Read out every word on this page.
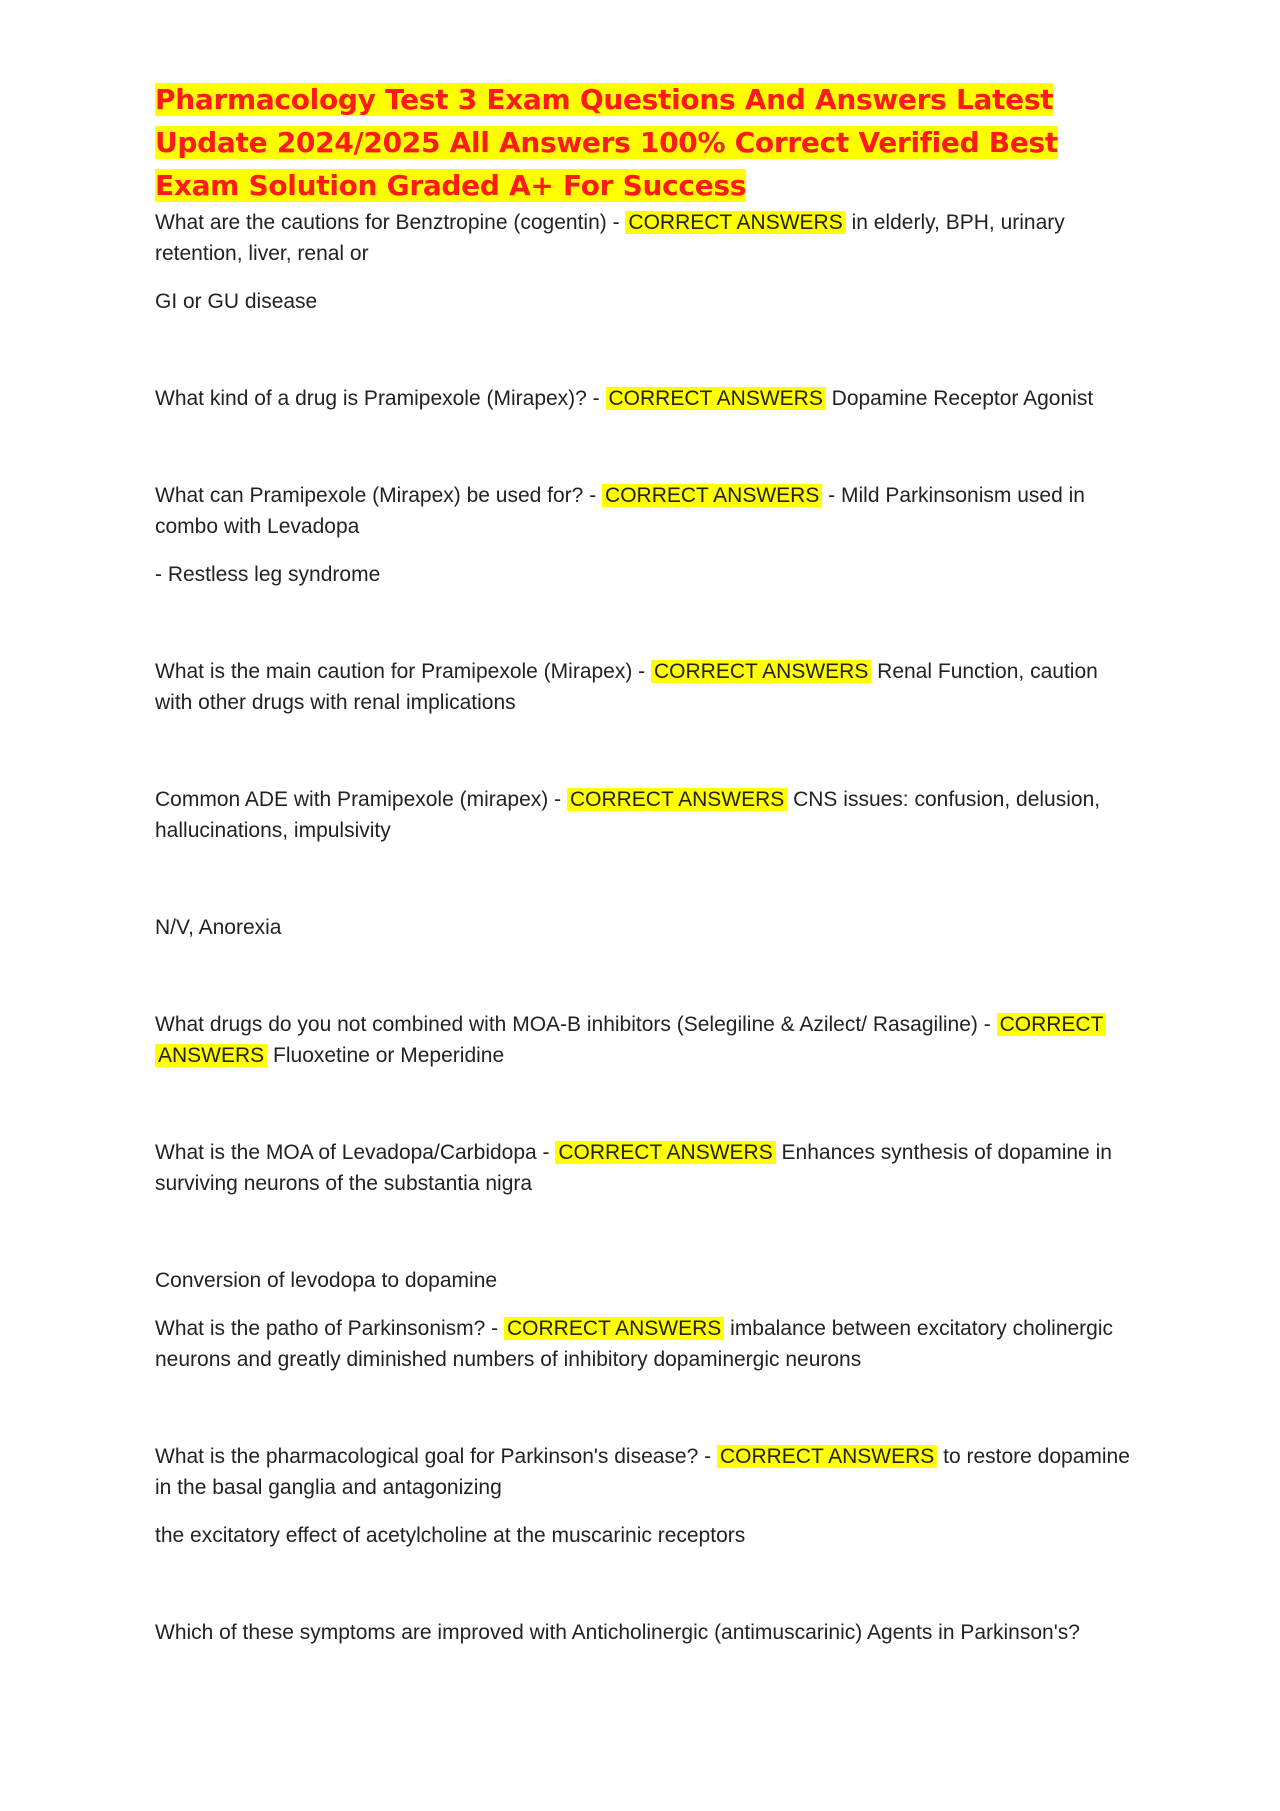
Pharmacology Test 3 Exam Questions And Answers Latest Update 2024/2025 All Answers 100% Correct Verified Best Exam Solution Graded A+ For Success

What are the cautions for Benztropine (cogentin) - CORRECT ANSWERS in elderly, BPH, urinary retention, liver, renal or

GI or GU disease

What kind of a drug is Pramipexole (Mirapex)? - CORRECT ANSWERS Dopamine Receptor Agonist

What can Pramipexole (Mirapex) be used for? - CORRECT ANSWERS - Mild Parkinsonism used in combo with Levadopa

- Restless leg syndrome

What is the main caution for Pramipexole (Mirapex) - CORRECT ANSWERS Renal Function, caution with other drugs with renal implications

Common ADE with Pramipexole (mirapex) - CORRECT ANSWERS CNS issues: confusion, delusion, hallucinations, impulsivity

N/V, Anorexia

What drugs do you not combined with MOA-B inhibitors (Selegiline & Azilect/ Rasagiline) - CORRECT ANSWERS Fluoxetine or Meperidine

What is the MOA of Levadopa/Carbidopa - CORRECT ANSWERS Enhances synthesis of dopamine in surviving neurons of the substantia nigra

Conversion of levodopa to dopamine

What is the patho of Parkinsonism? - CORRECT ANSWERS imbalance between excitatory cholinergic neurons and greatly diminished numbers of inhibitory dopaminergic neurons

What is the pharmacological goal for Parkinson's disease? - CORRECT ANSWERS to restore dopamine in the basal ganglia and antagonizing

the excitatory effect of acetylcholine at the muscarinic receptors

Which of these symptoms are improved with Anticholinergic (antimuscarinic) Agents in Parkinson's?
